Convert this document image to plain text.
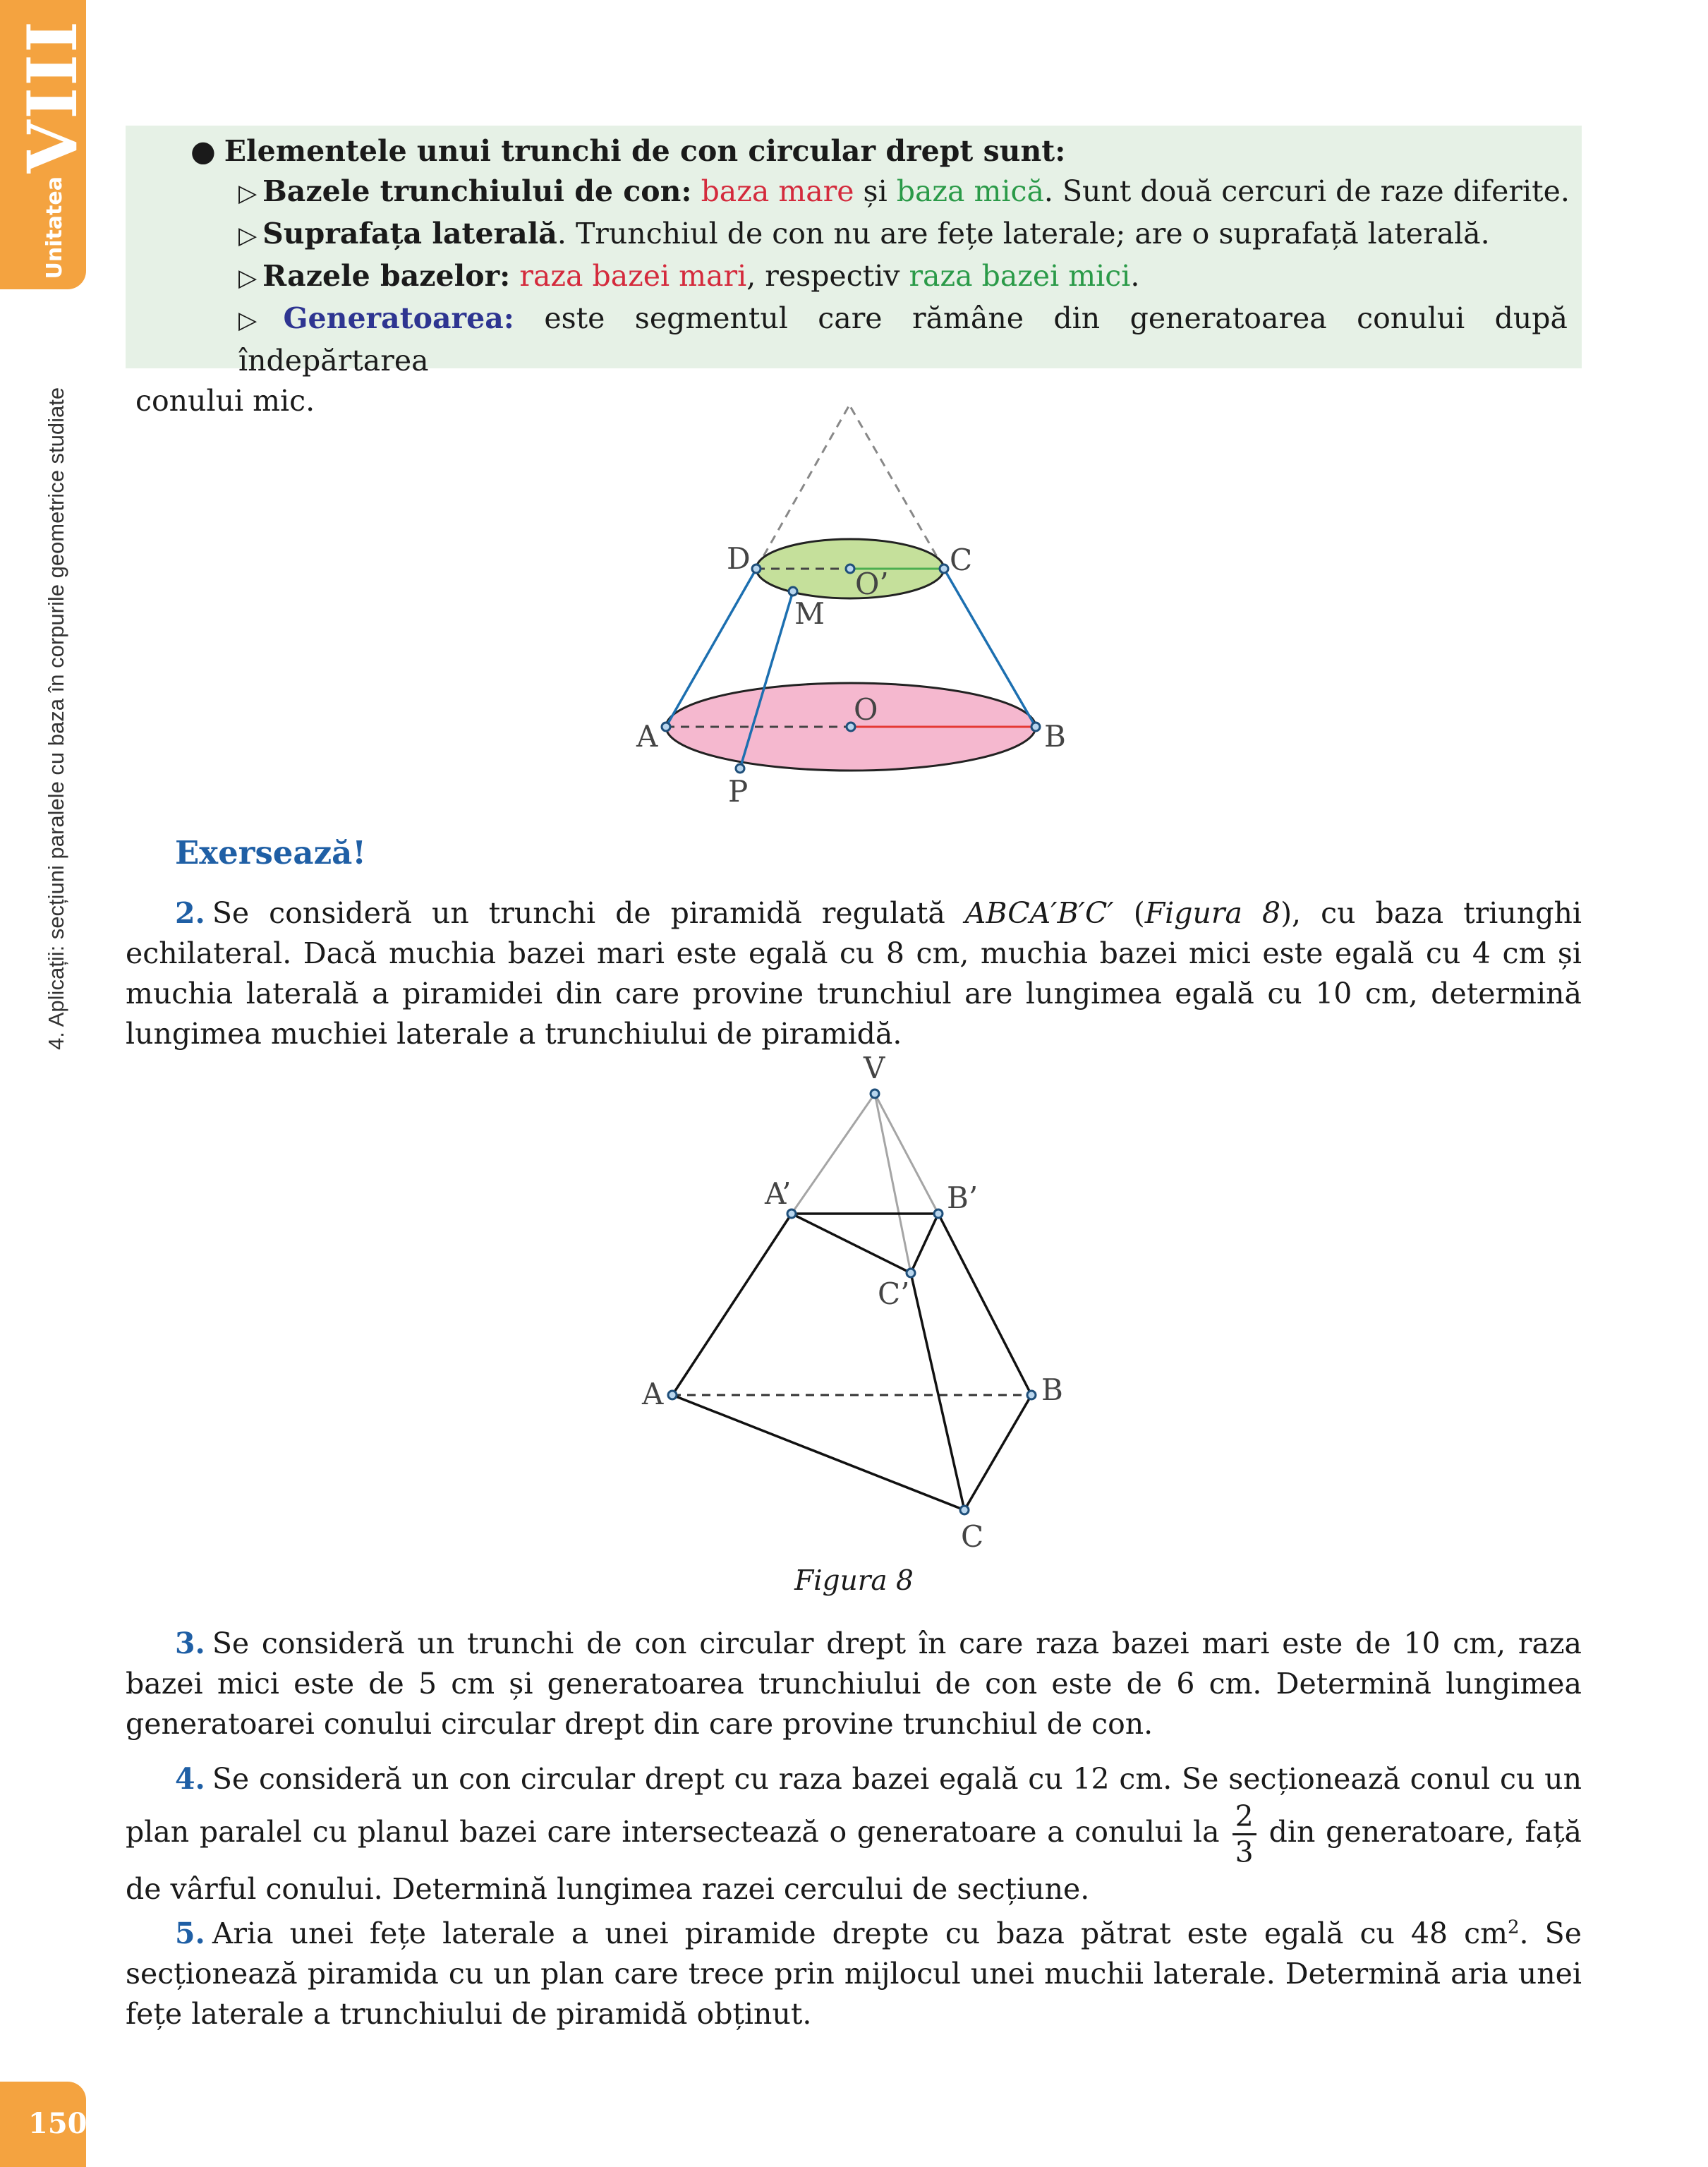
VIII
Unitatea
4. Aplicații: secțiuni paralele cu baza în corpurile geometrice studiate
150
● Elementele unui trunchi de con circular drept sunt:
▷ Bazele trunchiului de con: baza mare și baza mică. Sunt două cercuri de raze diferite.
▷ Suprafața laterală. Trunchiul de con nu are fețe laterale; are o suprafață laterală.
▷ Razele bazelor: raza bazei mari, respectiv raza bazei mici.
▷ Generatoarea: este segmentul care rămâne din generatoarea conului după îndepărtarea
conului mic.
D	C
O’
M
A	B
O
P
Exersează!
2. Se consideră un trunchi de piramidă regulată ABCA′B′C′ (Figura 8), cu baza triunghi echilateral. Dacă muchia bazei mari este egală cu 8 cm, muchia bazei mici este egală cu 4 cm și muchia laterală a piramidei din care provine trunchiul are lungimea egală cu 10 cm, determină lungimea muchiei laterale a trunchiului de piramidă.
V
A’	B’
C’
A	B
C
Figura 8
3. Se consideră un trunchi de con circular drept în care raza bazei mari este de 10 cm, raza bazei mici este de 5 cm și generatoarea trunchiului de con este de 6 cm. Determină lungimea generatoarei conului circular drept din care provine trunchiul de con.
4. Se consideră un con circular drept cu raza bazei egală cu 12 cm. Se secționează conul cu un plan paralel cu planul bazei care intersectează o generatoare a conului la $\frac{2}{3}$ din generatoare, față de vârful conului. Determină lungimea razei cercului de secțiune.
5. Aria unei fețe laterale a unei piramide drepte cu baza pătrat este egală cu 48 $cm^2$. Se secționează piramida cu un plan care trece prin mijlocul unei muchii laterale. Determină aria unei fețe laterale a trunchiului de piramidă obținut.
